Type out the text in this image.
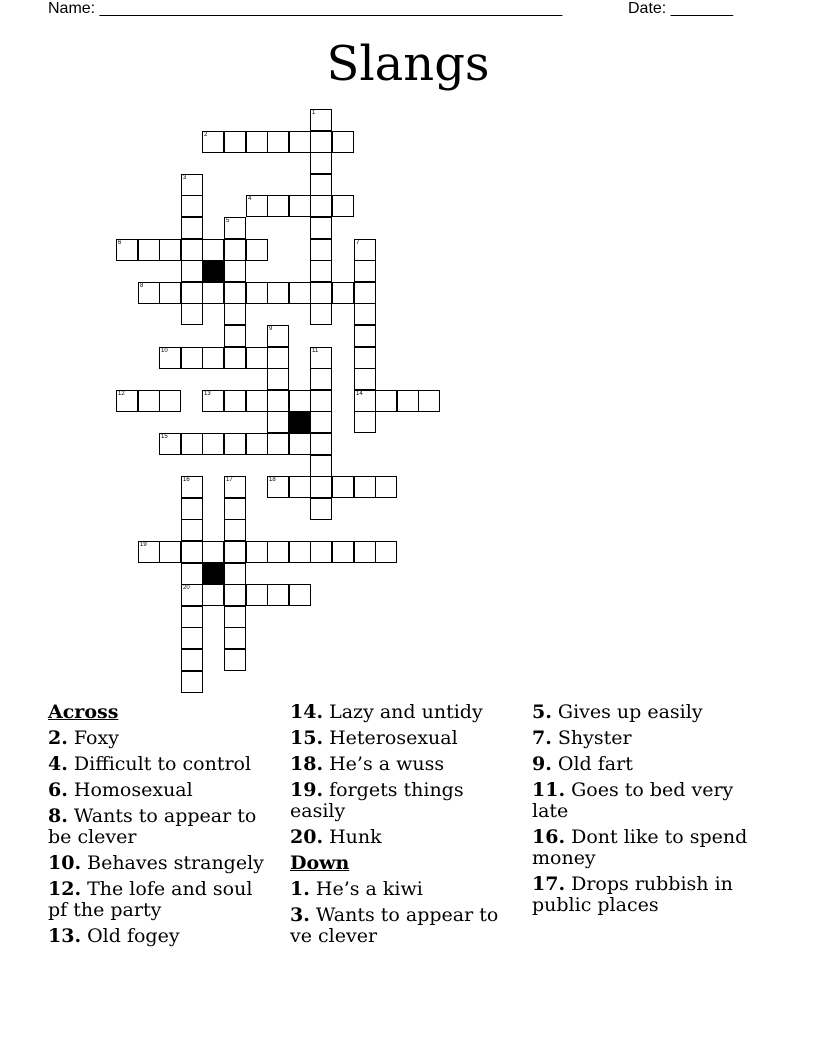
Name: ____________________________________________________	Date: _______
Slangs
1
2
3
4
5
6	7
14
8
9
10	11
12	13
15
16
20
17	18
19
Across
2. Foxy
4. Difficult to control
6. Homosexual
8. Wants to appear to be clever
10. Behaves strangely
12. The lofe and soul pf the party
13. Old fogey
14. Lazy and untidy
15. Heterosexual
18. He’s a wuss
19. forgets things easily
20. Hunk
Down
1. He’s a kiwi
3. Wants to appear to ve clever
5. Gives up easily
7. Shyster
9. Old fart
11. Goes to bed very late
16. Dont like to spend money
17. Drops rubbish in public places
